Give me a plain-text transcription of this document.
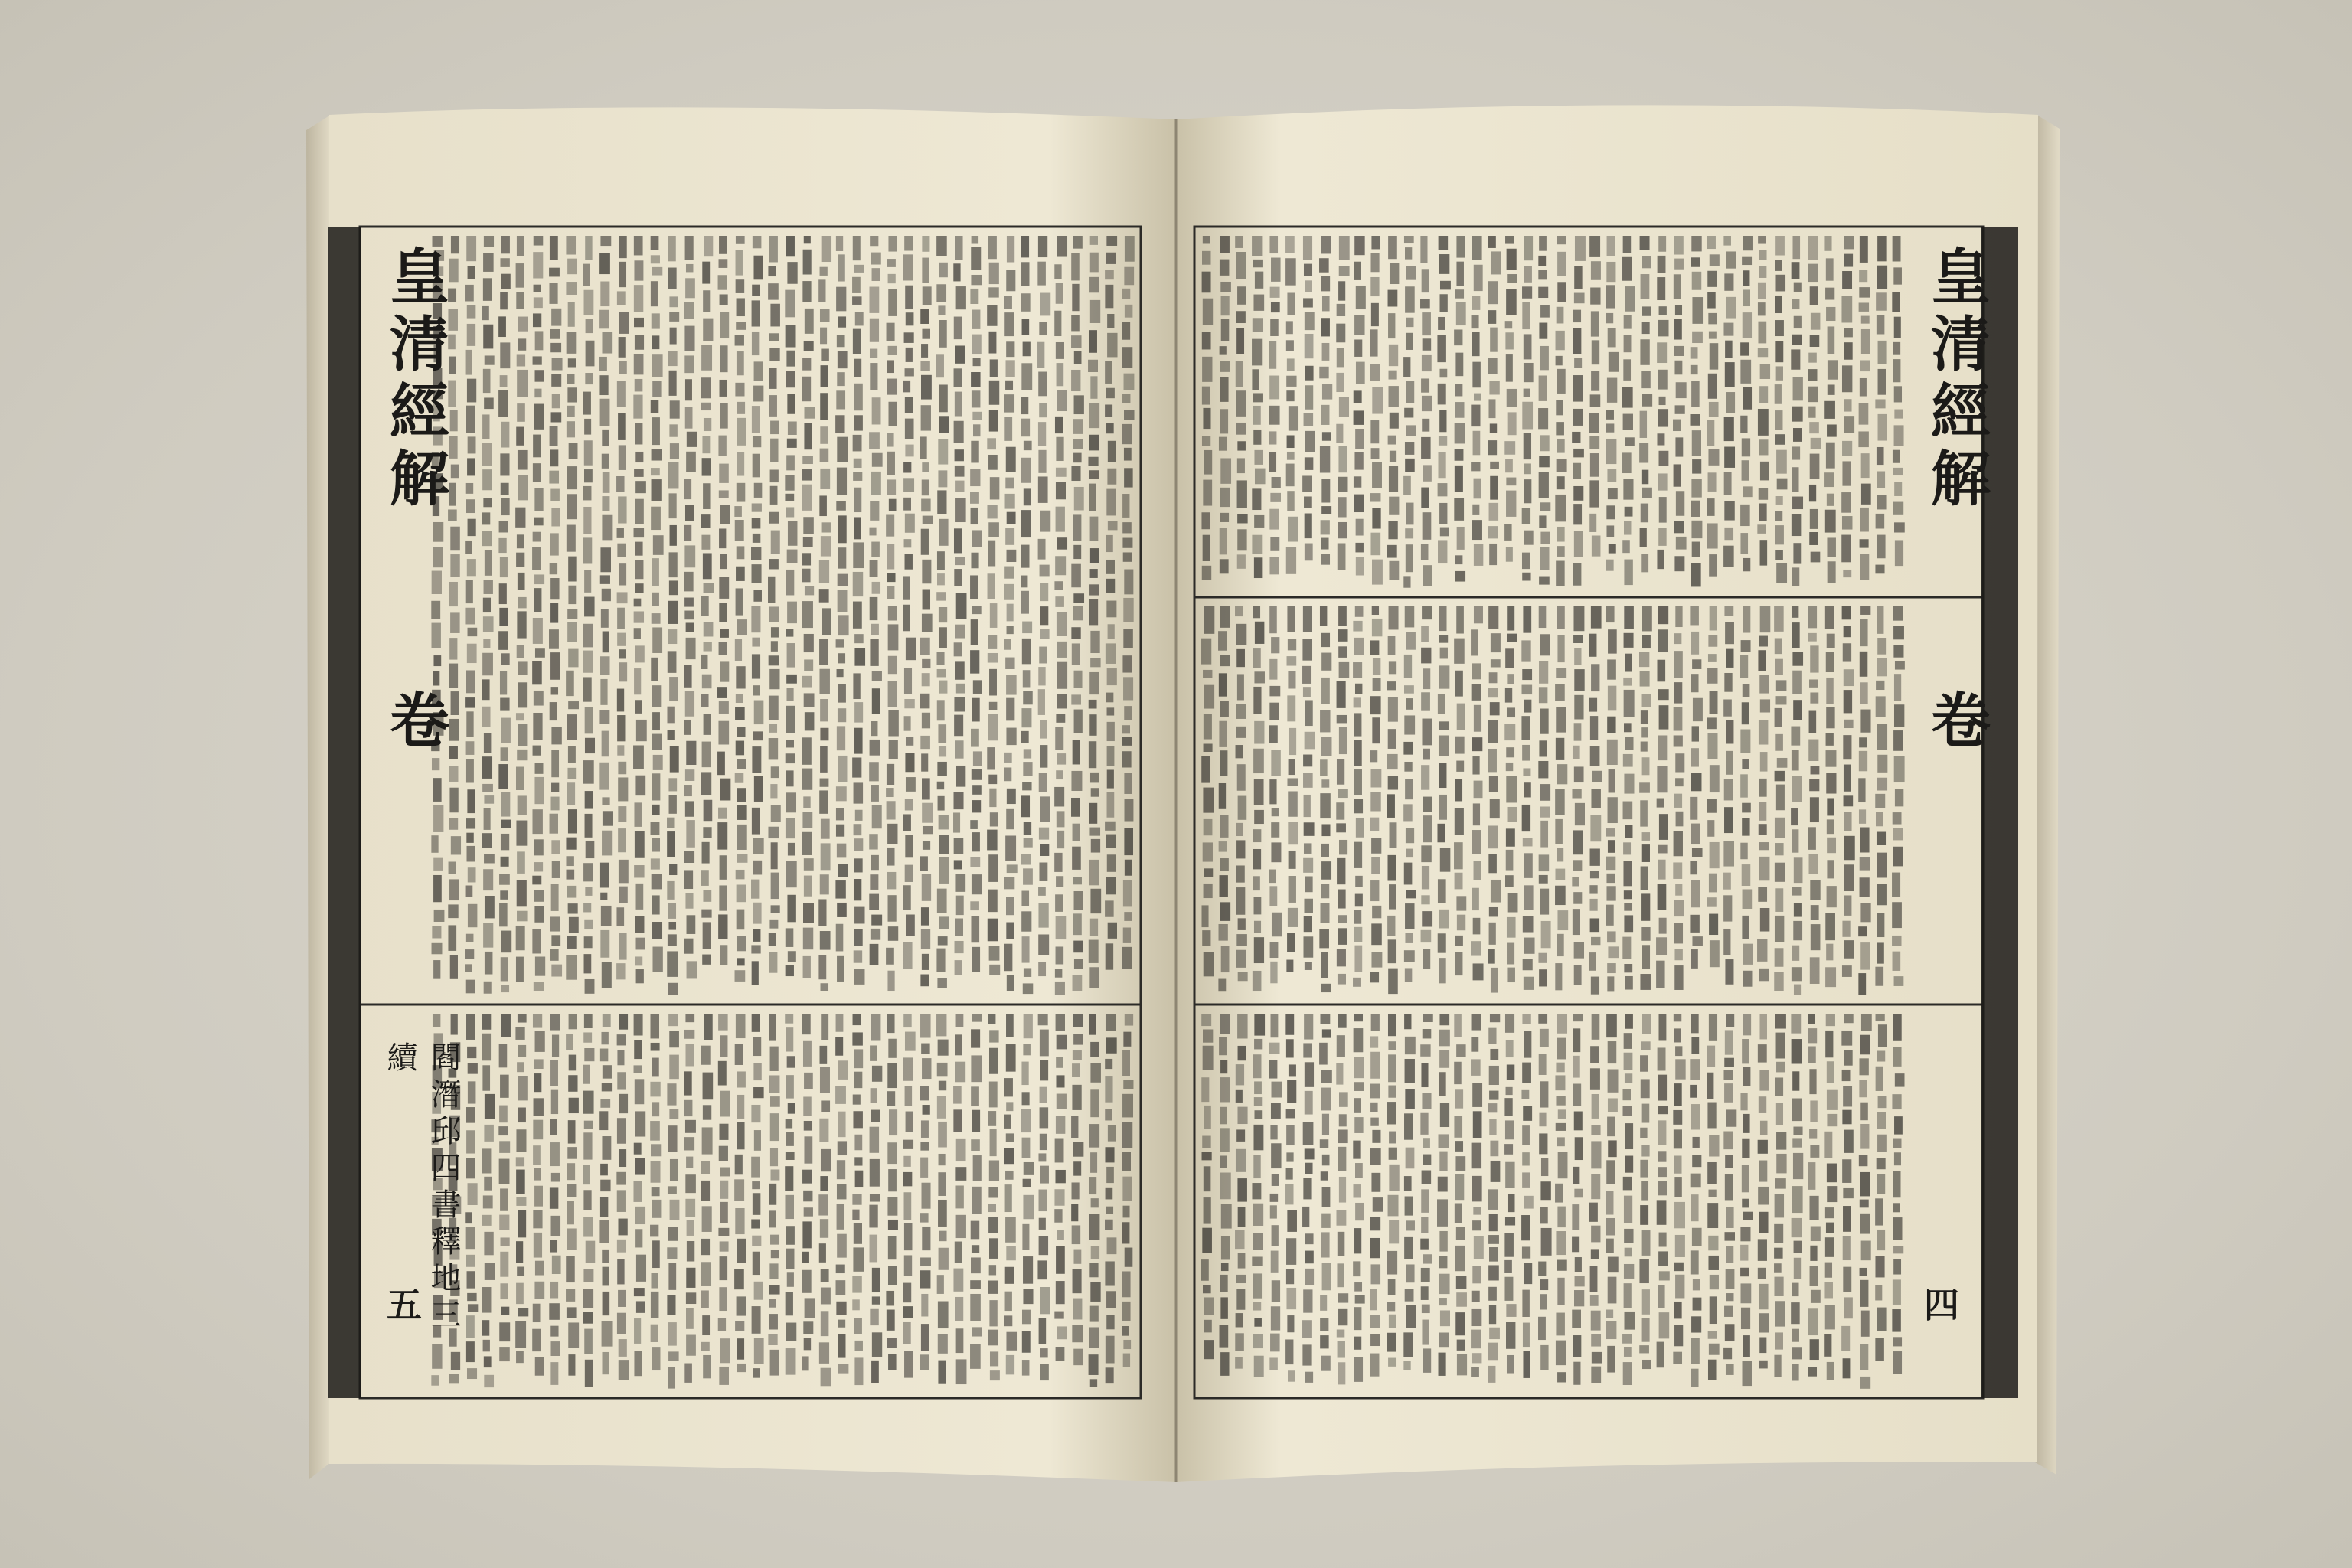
皇清經解
卷
閻潛邱四書釋地三續
五
皇清經解
卷
四
